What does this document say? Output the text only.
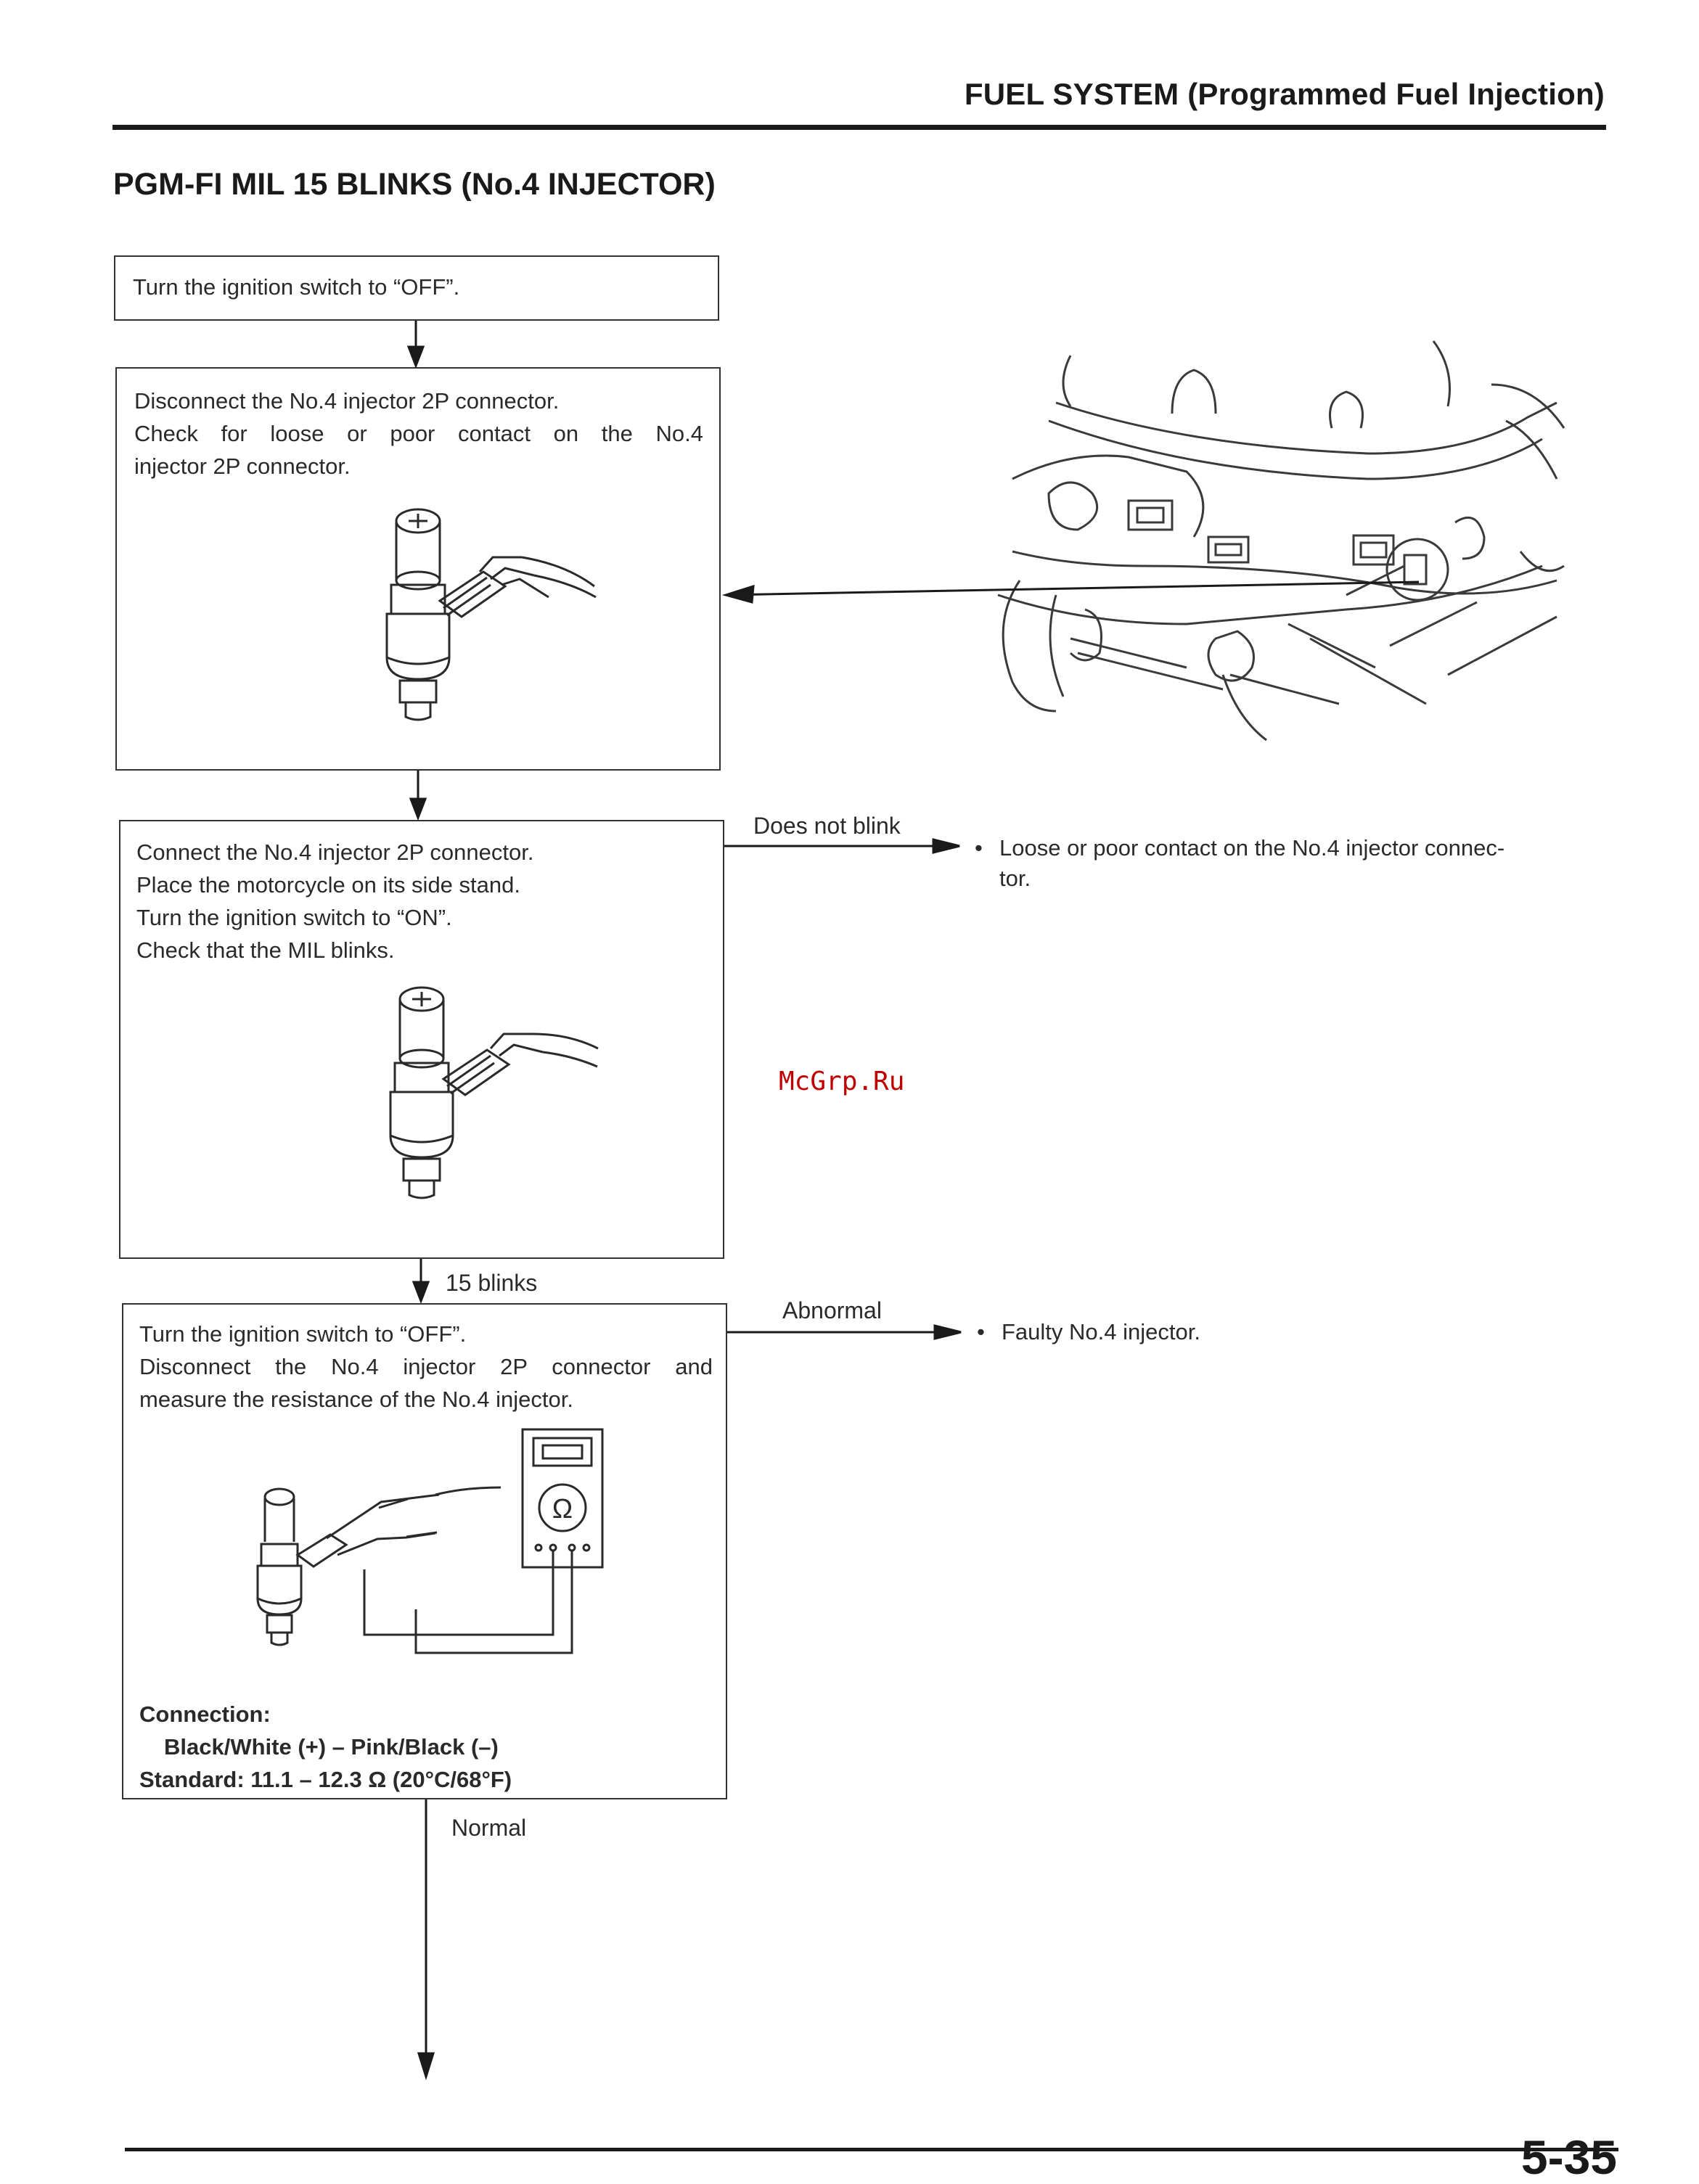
FUEL SYSTEM (Programmed Fuel Injection)
PGM-FI MIL 15 BLINKS (No.4 INJECTOR)
Turn the ignition switch to “OFF”.
Disconnect the No.4 injector 2P connector.
Check for loose or poor contact on the No.4
injector 2P connector.
Connect the No.4 injector 2P connector.
Place the motorcycle on its side stand.
Turn the ignition switch to “ON”.
Check that the MIL blinks.
Turn the ignition switch to “OFF”.
Disconnect the No.4 injector 2P connector and
measure the resistance of the No.4 injector.
Ω
Connection:
Black/White (+) – Pink/Black (–)
Standard: 11.1 – 12.3 Ω (20°C/68°F)
Does not blink
15 blinks
Abnormal
Normal
• Loose or poor contact on the No.4 injector connec-
tor.
• Faulty No.4 injector.
McGrp.Ru
5-35
